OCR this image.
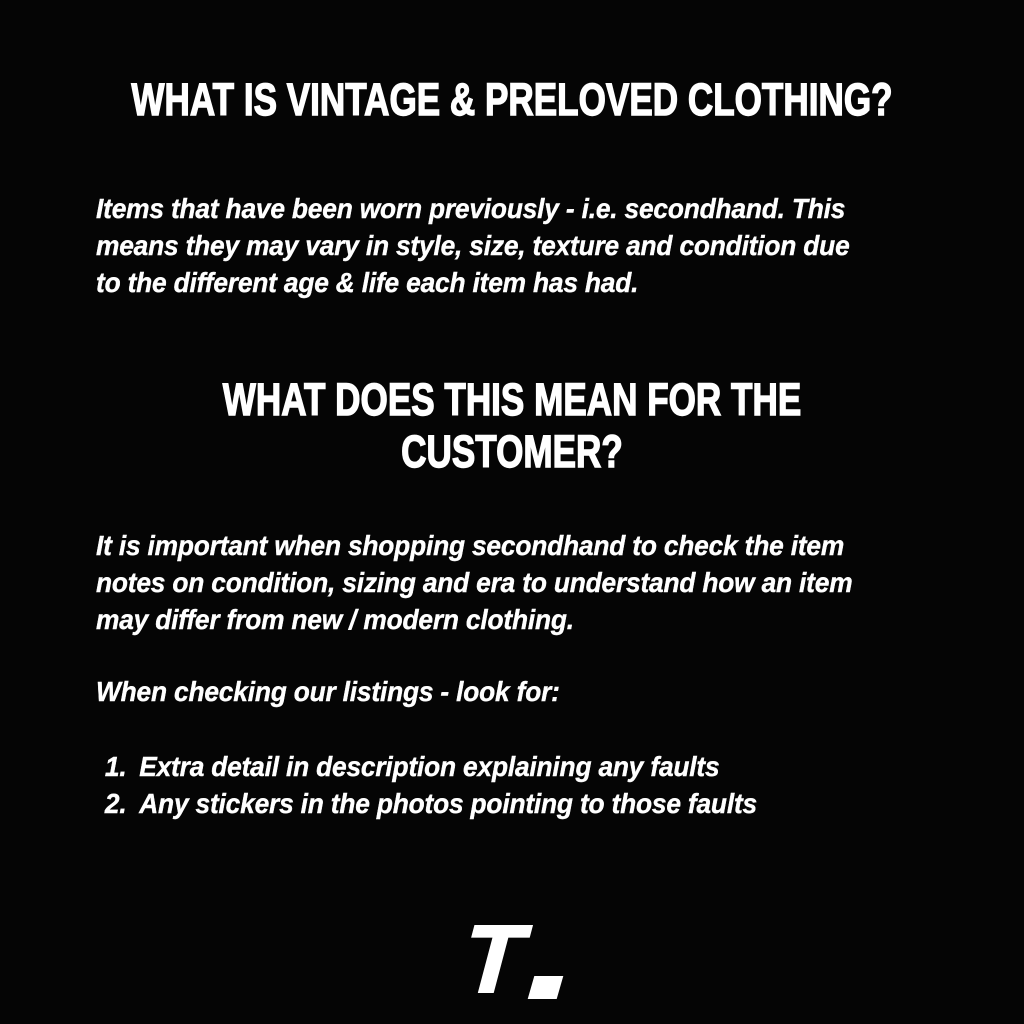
WHAT IS VINTAGE & PRELOVED CLOTHING?
Items that have been worn previously - i.e. secondhand. This
means they may vary in style, size, texture and condition due
to the different age & life each item has had.
WHAT DOES THIS MEAN FOR THE
CUSTOMER?
It is important when shopping secondhand to check the item
notes on condition, sizing and era to understand how an item
may differ from new / modern clothing.
When checking our listings - look for:
1. Extra detail in description explaining any faults
2. Any stickers in the photos pointing to those faults
T
